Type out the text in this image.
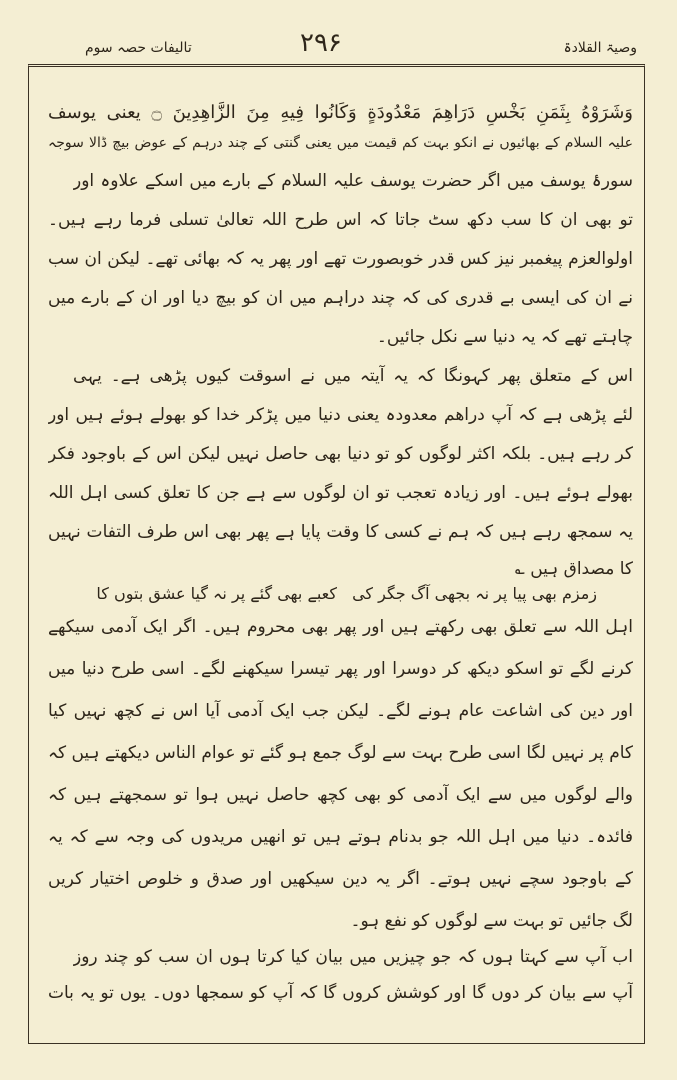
وصیۃ القلادۃ
۲۹۶
تالیفات حصہ سوم
وَشَرَوْهُ بِثَمَنٍ بَخْسٍ دَرَاهِمَ مَعْدُودَةٍ وَكَانُوا فِيهِ مِنَ الزَّاهِدِينَ ۝ یعنی یوسف
علیہ السلام کے بھائیوں نے انکو بہت کم قیمت میں یعنی گنتی کے چند درہم کے عوض بیچ ڈالا سوجہ
سورۂ یوسف میں اگر حضرت یوسف علیہ السلام کے بارے میں اسکے علاوہ اور
تو بھی ان کا سب دکھ سٹ جاتا کہ اس طرح اللہ تعالیٰ تسلی فرما رہے ہیں۔
اولوالعزم پیغمبر نیز کس قدر خوبصورت تھے اور پھر یہ کہ بھائی تھے۔ لیکن ان سب
نے ان کی ایسی بے قدری کی کہ چند دراہم میں ان کو بیچ دیا اور ان کے بارے میں
چاہتے تھے کہ یہ دنیا سے نکل جائیں۔
اس کے متعلق پھر کہونگا کہ یہ آیتہ میں نے اسوقت کیوں پڑھی ہے۔ یہی
لئے پڑھی ہے کہ آپ دراھم معدودہ یعنی دنیا میں پڑکر خدا کو بھولے ہوئے ہیں اور
کر رہے ہیں۔ بلکہ اکثر لوگوں کو تو دنیا بھی حاصل نہیں لیکن اس کے باوجود فکر
بھولے ہوئے ہیں۔ اور زیادہ تعجب تو ان لوگوں سے ہے جن کا تعلق کسی اہل اللہ
یہ سمجھ رہے ہیں کہ ہم نے کسی کا وقت پایا ہے پھر بھی اس طرف التفات نہیں
کا مصداق ہیں ؎
کعبے بھی گئے پر نہ گیا عشق بتوں کا زمزم بھی پیا پر نہ بجھی آگ جگر کی
اہل اللہ سے تعلق بھی رکھتے ہیں اور پھر بھی محروم ہیں۔ اگر ایک آدمی سیکھے
کرنے لگے تو اسکو دیکھ کر دوسرا اور پھر تیسرا سیکھنے لگے۔ اسی طرح دنیا میں
اور دین کی اشاعت عام ہونے لگے۔ لیکن جب ایک آدمی آیا اس نے کچھ نہیں کیا
کام پر نہیں لگا اسی طرح بہت سے لوگ جمع ہو گئے تو عوام الناس دیکھتے ہیں کہ
والے لوگوں میں سے ایک آدمی کو بھی کچھ حاصل نہیں ہوا تو سمجھتے ہیں کہ
فائدہ۔ دنیا میں اہل اللہ جو بدنام ہوتے ہیں تو انھیں مریدوں کی وجہ سے کہ یہ
کے باوجود سچے نہیں ہوتے۔ اگر یہ دین سیکھیں اور صدق و خلوص اختیار کریں
لگ جائیں تو بہت سے لوگوں کو نفع ہو۔
اب آپ سے کہتا ہوں کہ جو چیزیں میں بیان کیا کرتا ہوں ان سب کو چند روز
آپ سے بیان کر دوں گا اور کوشش کروں گا کہ آپ کو سمجھا دوں۔ یوں تو یہ بات
